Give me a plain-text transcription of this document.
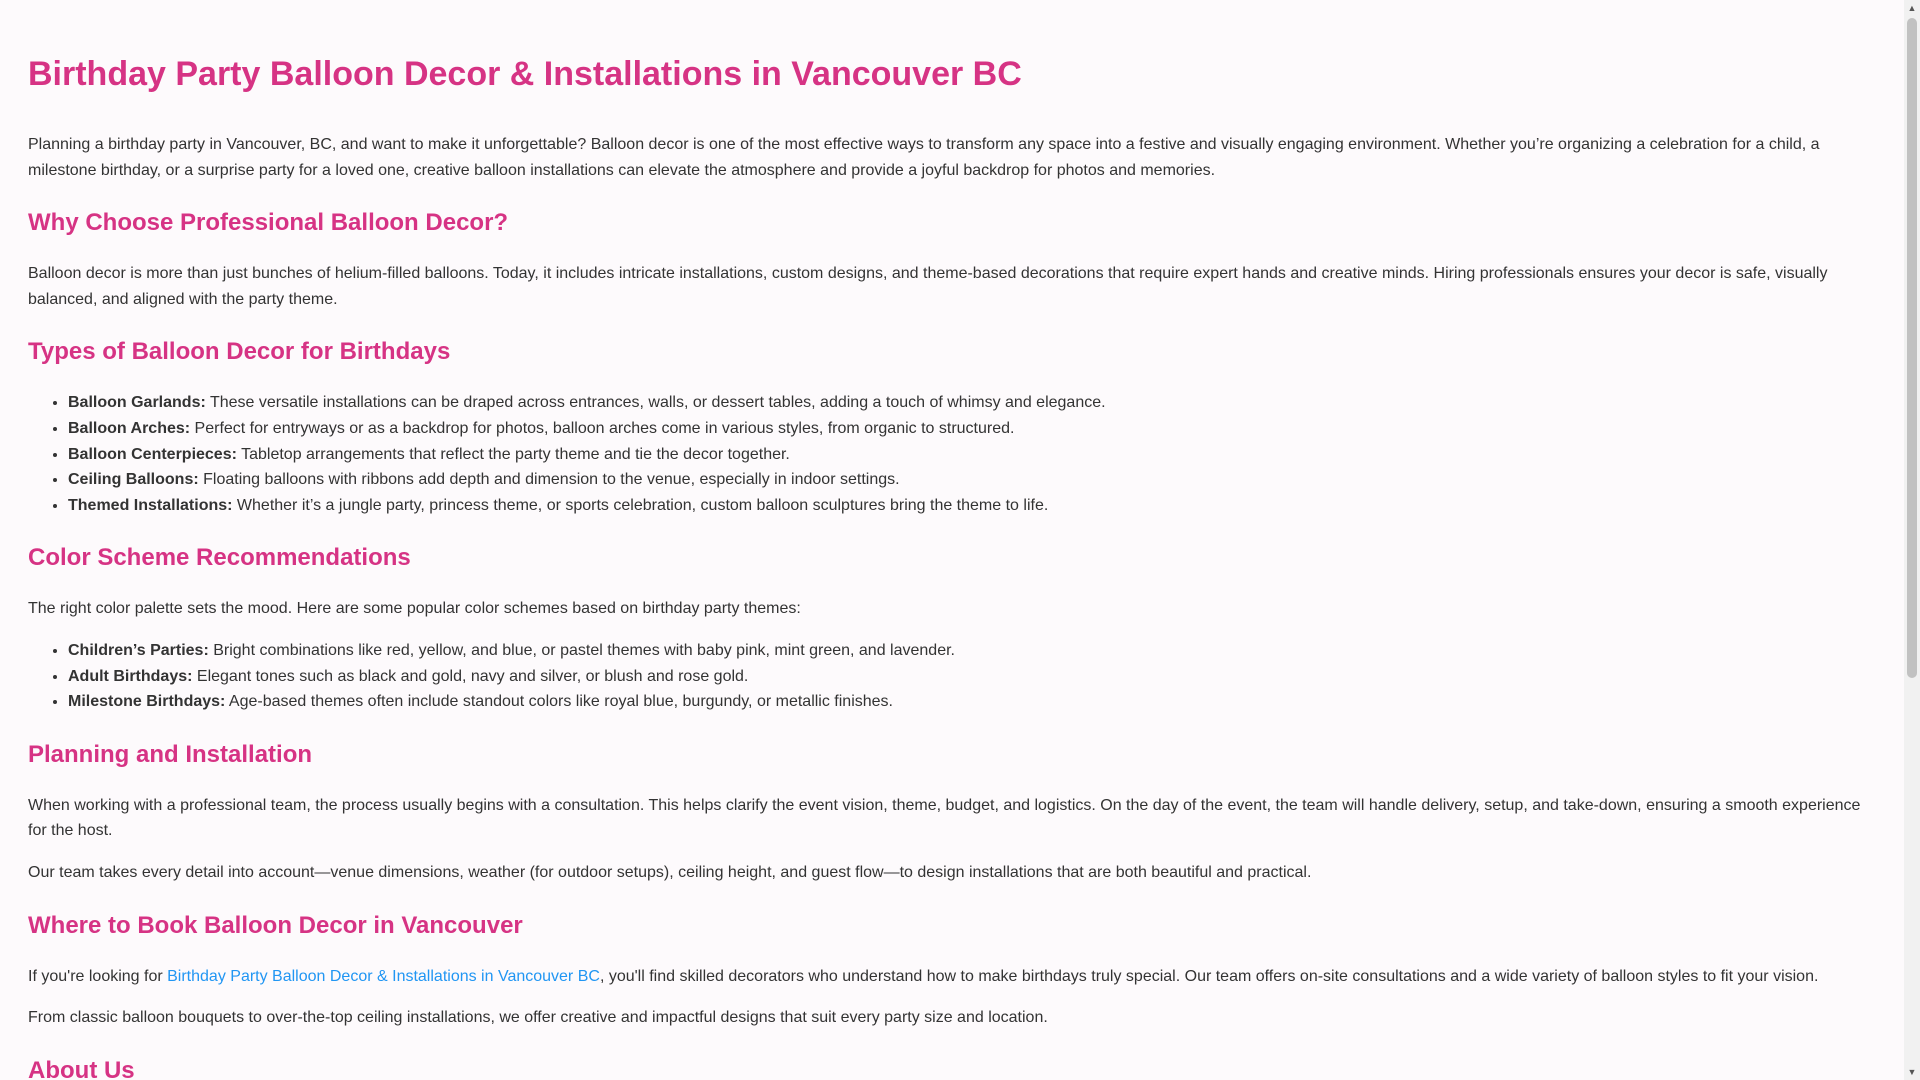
Birthday Party Balloon Decor & Installations in Vancouver BC

Planning a birthday party in Vancouver, BC, and want to make it unforgettable? Balloon decor is one of the most effective ways to transform any space into a festive and visually engaging environment. Whether you’re organizing a celebration for a child, a milestone birthday, or a surprise party for a loved one, creative balloon installations can elevate the atmosphere and provide a joyful backdrop for photos and memories.

Why Choose Professional Balloon Decor?

Balloon decor is more than just bunches of helium-filled balloons. Today, it includes intricate installations, custom designs, and theme-based decorations that require expert hands and creative minds. Hiring professionals ensures your decor is safe, visually balanced, and aligned with the party theme.

Types of Balloon Decor for Birthdays
• Balloon Garlands: These versatile installations can be draped across entrances, walls, or dessert tables, adding a touch of whimsy and elegance.
• Balloon Arches: Perfect for entryways or as a backdrop for photos, balloon arches come in various styles, from organic to structured.
• Balloon Centerpieces: Tabletop arrangements that reflect the party theme and tie the decor together.
• Ceiling Balloons: Floating balloons with ribbons add depth and dimension to the venue, especially in indoor settings.
• Themed Installations: Whether it’s a jungle party, princess theme, or sports celebration, custom balloon sculptures bring the theme to life.
Color Scheme Recommendations

The right color palette sets the mood. Here are some popular color schemes based on birthday party themes:

• Children’s Parties: Bright combinations like red, yellow, and blue, or pastel themes with baby pink, mint green, and lavender.
• Adult Birthdays: Elegant tones such as black and gold, navy and silver, or blush and rose gold.
• Milestone Birthdays: Age-based themes often include standout colors like royal blue, burgundy, or metallic finishes.
Planning and Installation

When working with a professional team, the process usually begins with a consultation. This helps clarify the event vision, theme, budget, and logistics. On the day of the event, the team will handle delivery, setup, and take-down, ensuring a smooth experience for the host.

Our team takes every detail into account—venue dimensions, weather (for outdoor setups), ceiling height, and guest flow—to design installations that are both beautiful and practical.

Where to Book Balloon Decor in Vancouver

If you're looking for Birthday Party Balloon Decor & Installations in Vancouver BC, you'll find skilled decorators who understand how to make birthdays truly special. Our team offers on-site consultations and a wide variety of balloon styles to fit your vision.

From classic balloon bouquets to over-the-top ceiling installations, we offer creative and impactful designs that suit every party size and location.

About Us
▲
▼
